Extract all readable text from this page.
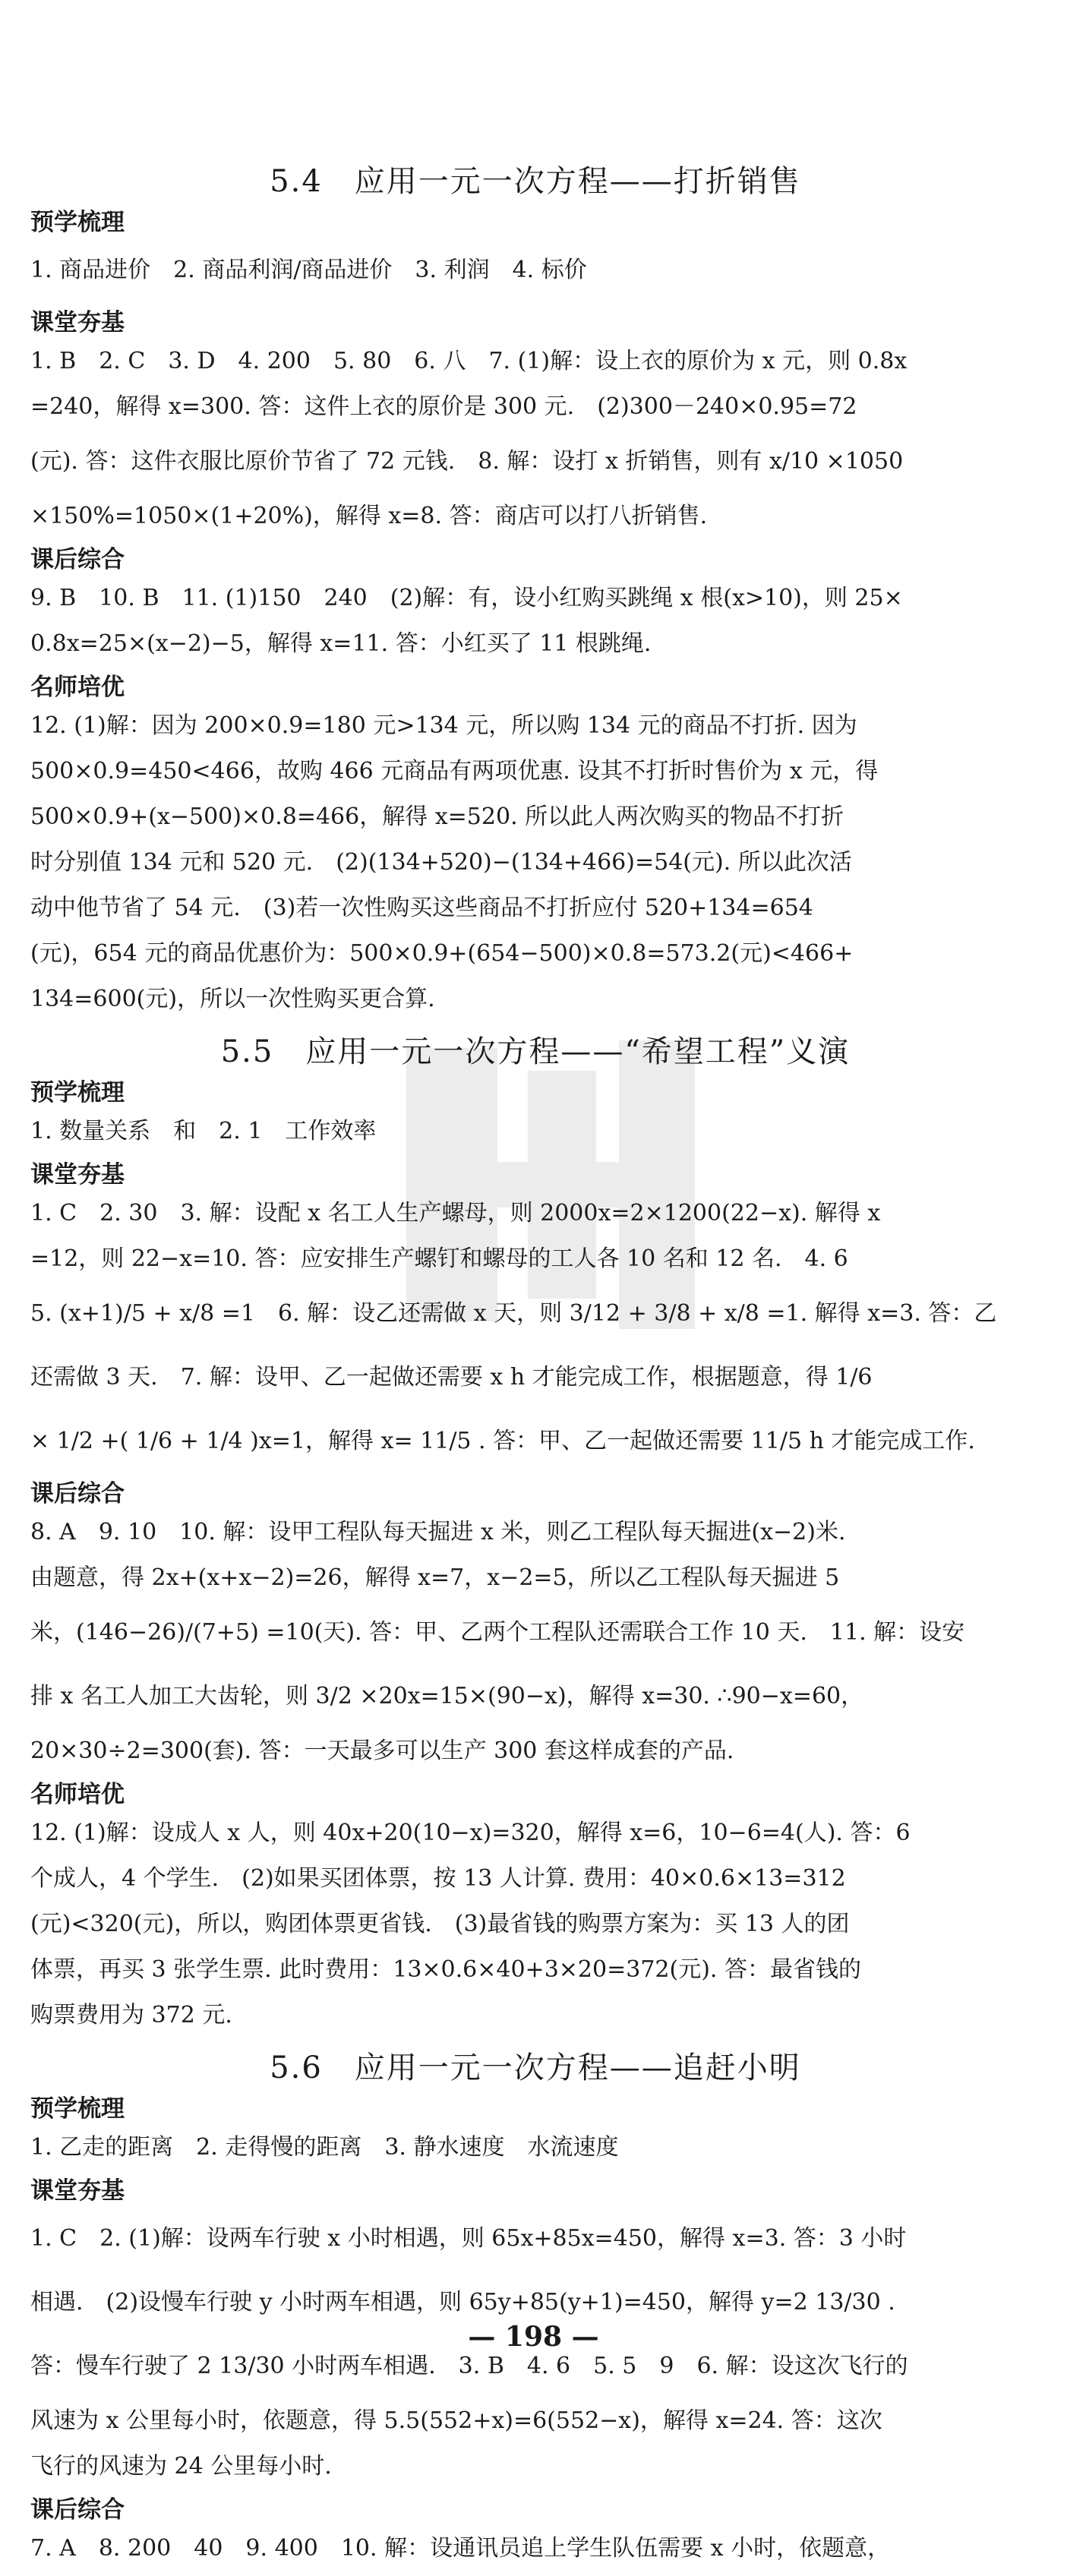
5.4　应用一元一次方程——打折销售
预学梳理
1. 商品进价　2. 商品利润/商品进价　3. 利润　4. 标价
课堂夯基
1. B　2. C　3. D　4. 200　5. 80　6. 八　7. (1)解：设上衣的原价为 x 元，则 0.8x
=240，解得 x=300. 答：这件上衣的原价是 300 元.　(2)300－240×0.95=72
(元). 答：这件衣服比原价节省了 72 元钱.　8. 解：设打 x 折销售，则有 x/10 ×1050
×150%=1050×(1+20%)，解得 x=8. 答：商店可以打八折销售.
课后综合
9. B　10. B　11. (1)150　240　(2)解：有，设小红购买跳绳 x 根(x>10)，则 25×
0.8x=25×(x−2)−5，解得 x=11. 答：小红买了 11 根跳绳.
名师培优
12. (1)解：因为 200×0.9=180 元>134 元，所以购 134 元的商品不打折. 因为
500×0.9=450<466，故购 466 元商品有两项优惠. 设其不打折时售价为 x 元，得
500×0.9+(x−500)×0.8=466，解得 x=520. 所以此人两次购买的物品不打折
时分别值 134 元和 520 元.　(2)(134+520)−(134+466)=54(元). 所以此次活
动中他节省了 54 元.　(3)若一次性购买这些商品不打折应付 520+134=654
(元)，654 元的商品优惠价为：500×0.9+(654−500)×0.8=573.2(元)<466+
134=600(元)，所以一次性购买更合算.
5.5　应用一元一次方程——“希望工程”义演
预学梳理
1. 数量关系　和　2. 1　工作效率
课堂夯基
1. C　2. 30　3. 解：设配 x 名工人生产螺母，则 2000x=2×1200(22−x). 解得 x
=12，则 22−x=10. 答：应安排生产螺钉和螺母的工人各 10 名和 12 名.　4. 6
5. (x+1)/5 + x/8 =1　6. 解：设乙还需做 x 天，则 3/12 + 3/8 + x/8 =1. 解得 x=3. 答：乙
还需做 3 天.　7. 解：设甲、乙一起做还需要 x h 才能完成工作，根据题意，得 1/6
× 1/2 +( 1/6 + 1/4 )x=1，解得 x= 11/5 . 答：甲、乙一起做还需要 11/5 h 才能完成工作.
课后综合
8. A　9. 10　10. 解：设甲工程队每天掘进 x 米，则乙工程队每天掘进(x−2)米.
由题意，得 2x+(x+x−2)=26，解得 x=7，x−2=5，所以乙工程队每天掘进 5
米，(146−26)/(7+5) =10(天). 答：甲、乙两个工程队还需联合工作 10 天.　11. 解：设安
排 x 名工人加工大齿轮，则 3/2 ×20x=15×(90−x)，解得 x=30. ∴90−x=60，
20×30÷2=300(套). 答：一天最多可以生产 300 套这样成套的产品.
名师培优
12. (1)解：设成人 x 人，则 40x+20(10−x)=320，解得 x=6，10−6=4(人). 答：6
个成人，4 个学生.　(2)如果买团体票，按 13 人计算. 费用：40×0.6×13=312
(元)<320(元)，所以，购团体票更省钱.　(3)最省钱的购票方案为：买 13 人的团
体票，再买 3 张学生票. 此时费用：13×0.6×40+3×20=372(元). 答：最省钱的
购票费用为 372 元.
5.6　应用一元一次方程——追赶小明
预学梳理
1. 乙走的距离　2. 走得慢的距离　3. 静水速度　水流速度
课堂夯基
1. C　2. (1)解：设两车行驶 x 小时相遇，则 65x+85x=450，解得 x=3. 答：3 小时
相遇.　(2)设慢车行驶 y 小时两车相遇，则 65y+85(y+1)=450，解得 y=2 13/30 .
答：慢车行驶了 2 13/30 小时两车相遇.　3. B　4. 6　5. 5　9　6. 解：设这次飞行的
风速为 x 公里每小时，依题意，得 5.5(552+x)=6(552−x)，解得 x=24. 答：这次
飞行的风速为 24 公里每小时.
课后综合
7. A　8. 200　40　9. 400　10. 解：设通讯员追上学生队伍需要 x 小时，依题意，
— 198 —
